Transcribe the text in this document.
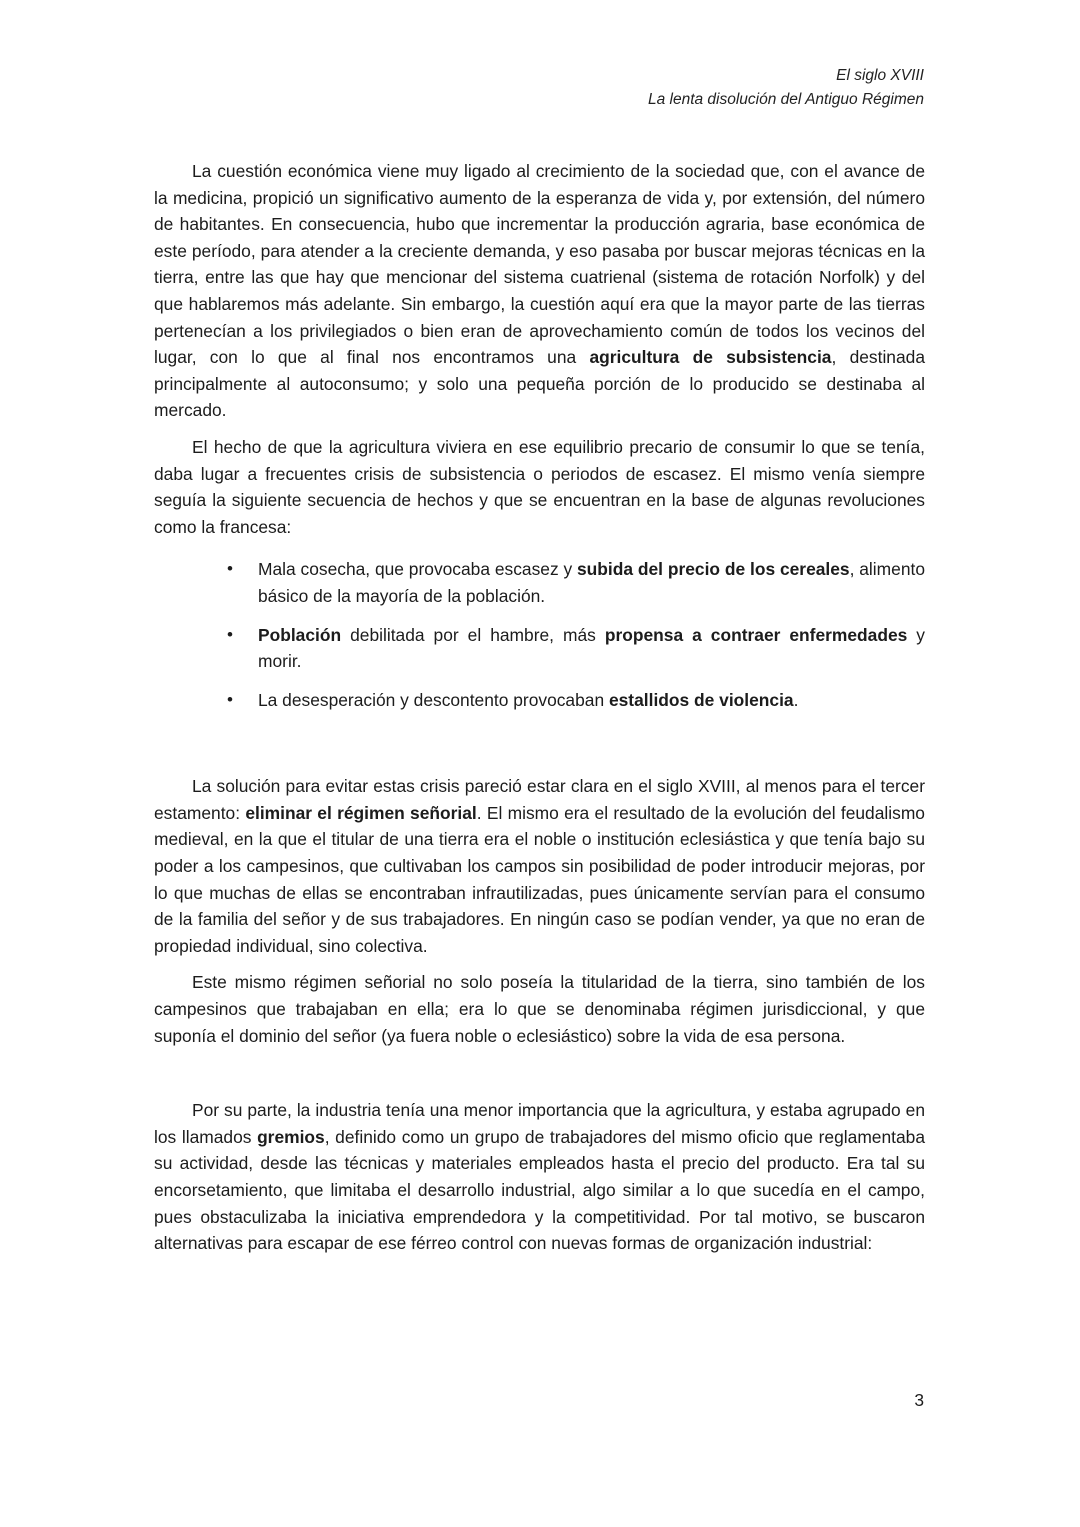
El siglo XVIII
La lenta disolución del Antiguo Régimen

La cuestión económica viene muy ligado al crecimiento de la sociedad que, con el avance de la medicina, propició un significativo aumento de la esperanza de vida y, por extensión, del número de habitantes. En consecuencia, hubo que incrementar la producción agraria, base económica de este período, para atender a la creciente demanda, y eso pasaba por buscar mejoras técnicas en la tierra, entre las que hay que mencionar del sistema cuatrienal (sistema de rotación Norfolk) y del que hablaremos más adelante. Sin embargo, la cuestión aquí era que la mayor parte de las tierras pertenecían a los privilegiados o bien eran de aprovechamiento común de todos los vecinos del lugar, con lo que al final nos encontramos una agricultura de subsistencia, destinada principalmente al autoconsumo; y solo una pequeña porción de lo producido se destinaba al mercado.

El hecho de que la agricultura viviera en ese equilibrio precario de consumir lo que se tenía, daba lugar a frecuentes crisis de subsistencia o periodos de escasez. El mismo venía siempre seguía la siguiente secuencia de hechos y que se encuentran en la base de algunas revoluciones como la francesa:

• Mala cosecha, que provocaba escasez y subida del precio de los cereales, alimento básico de la mayoría de la población.
• Población debilitada por el hambre, más propensa a contraer enfermedades y morir.
• La desesperación y descontento provocaban estallidos de violencia.

La solución para evitar estas crisis pareció estar clara en el siglo XVIII, al menos para el tercer estamento: eliminar el régimen señorial. El mismo era el resultado de la evolución del feudalismo medieval, en la que el titular de una tierra era el noble o institución eclesiástica y que tenía bajo su poder a los campesinos, que cultivaban los campos sin posibilidad de poder introducir mejoras, por lo que muchas de ellas se encontraban infrautilizadas, pues únicamente servían para el consumo de la familia del señor y de sus trabajadores. En ningún caso se podían vender, ya que no eran de propiedad individual, sino colectiva.

Este mismo régimen señorial no solo poseía la titularidad de la tierra, sino también de los campesinos que trabajaban en ella; era lo que se denominaba régimen jurisdiccional, y que suponía el dominio del señor (ya fuera noble o eclesiástico) sobre la vida de esa persona.

Por su parte, la industria tenía una menor importancia que la agricultura, y estaba agrupado en los llamados gremios, definido como un grupo de trabajadores del mismo oficio que reglamentaba su actividad, desde las técnicas y materiales empleados hasta el precio del producto. Era tal su encorsetamiento, que limitaba el desarrollo industrial, algo similar a lo que sucedía en el campo, pues obstaculizaba la iniciativa emprendedora y la competitividad. Por tal motivo, se buscaron alternativas para escapar de ese férreo control con nuevas formas de organización industrial:

3
